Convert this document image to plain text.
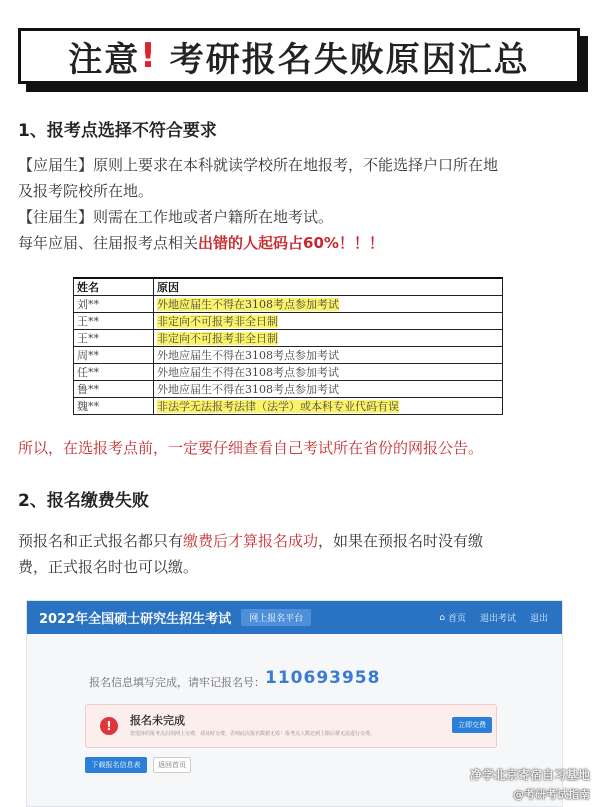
注意 ! 考研报名失败原因汇总
1、报考点选择不符合要求
【应届生】原则上要求在本科就读学校所在地报考，不能选择户口所在地
及报考院校所在地。
【往届生】则需在工作地或者户籍所在地考试。
每年应届、往届报考点相关出错的人起码占60%！！！
姓名	原因
刘**	外地应届生不得在3108考点参加考试
王**	非定向不可报考非全日制
王**	非定向不可报考非全日制
周**	外地应届生不得在3108考点参加考试
任**	外地应届生不得在3108考点参加考试
鲁**	外地应届生不得在3108考点参加考试
魏**	非法学无法报考法律（法学）或本科专业代码有误
所以，在选报考点前，一定要仔细查看自己考试所在省份的网报公告。
2、报名缴费失败
预报名和正式报名都只有缴费后才算报名成功，如果在预报名时没有缴
费，正式报名时也可以缴。
2022年全国硕士研究生招生考试	网上报名平台	⌂ 首页 退出考试 退出
报名信息填写完成，请牢记报名号： 110693958
!	报名未完成
您选择的报考点启用网上交费，请及时交费，否则此次报名数据无效！报考点人数达到上限后将无法进行交费。
立即交费
下载报名信息表	返回首页
净学北京寄宿自习基地
@考研考试指南
